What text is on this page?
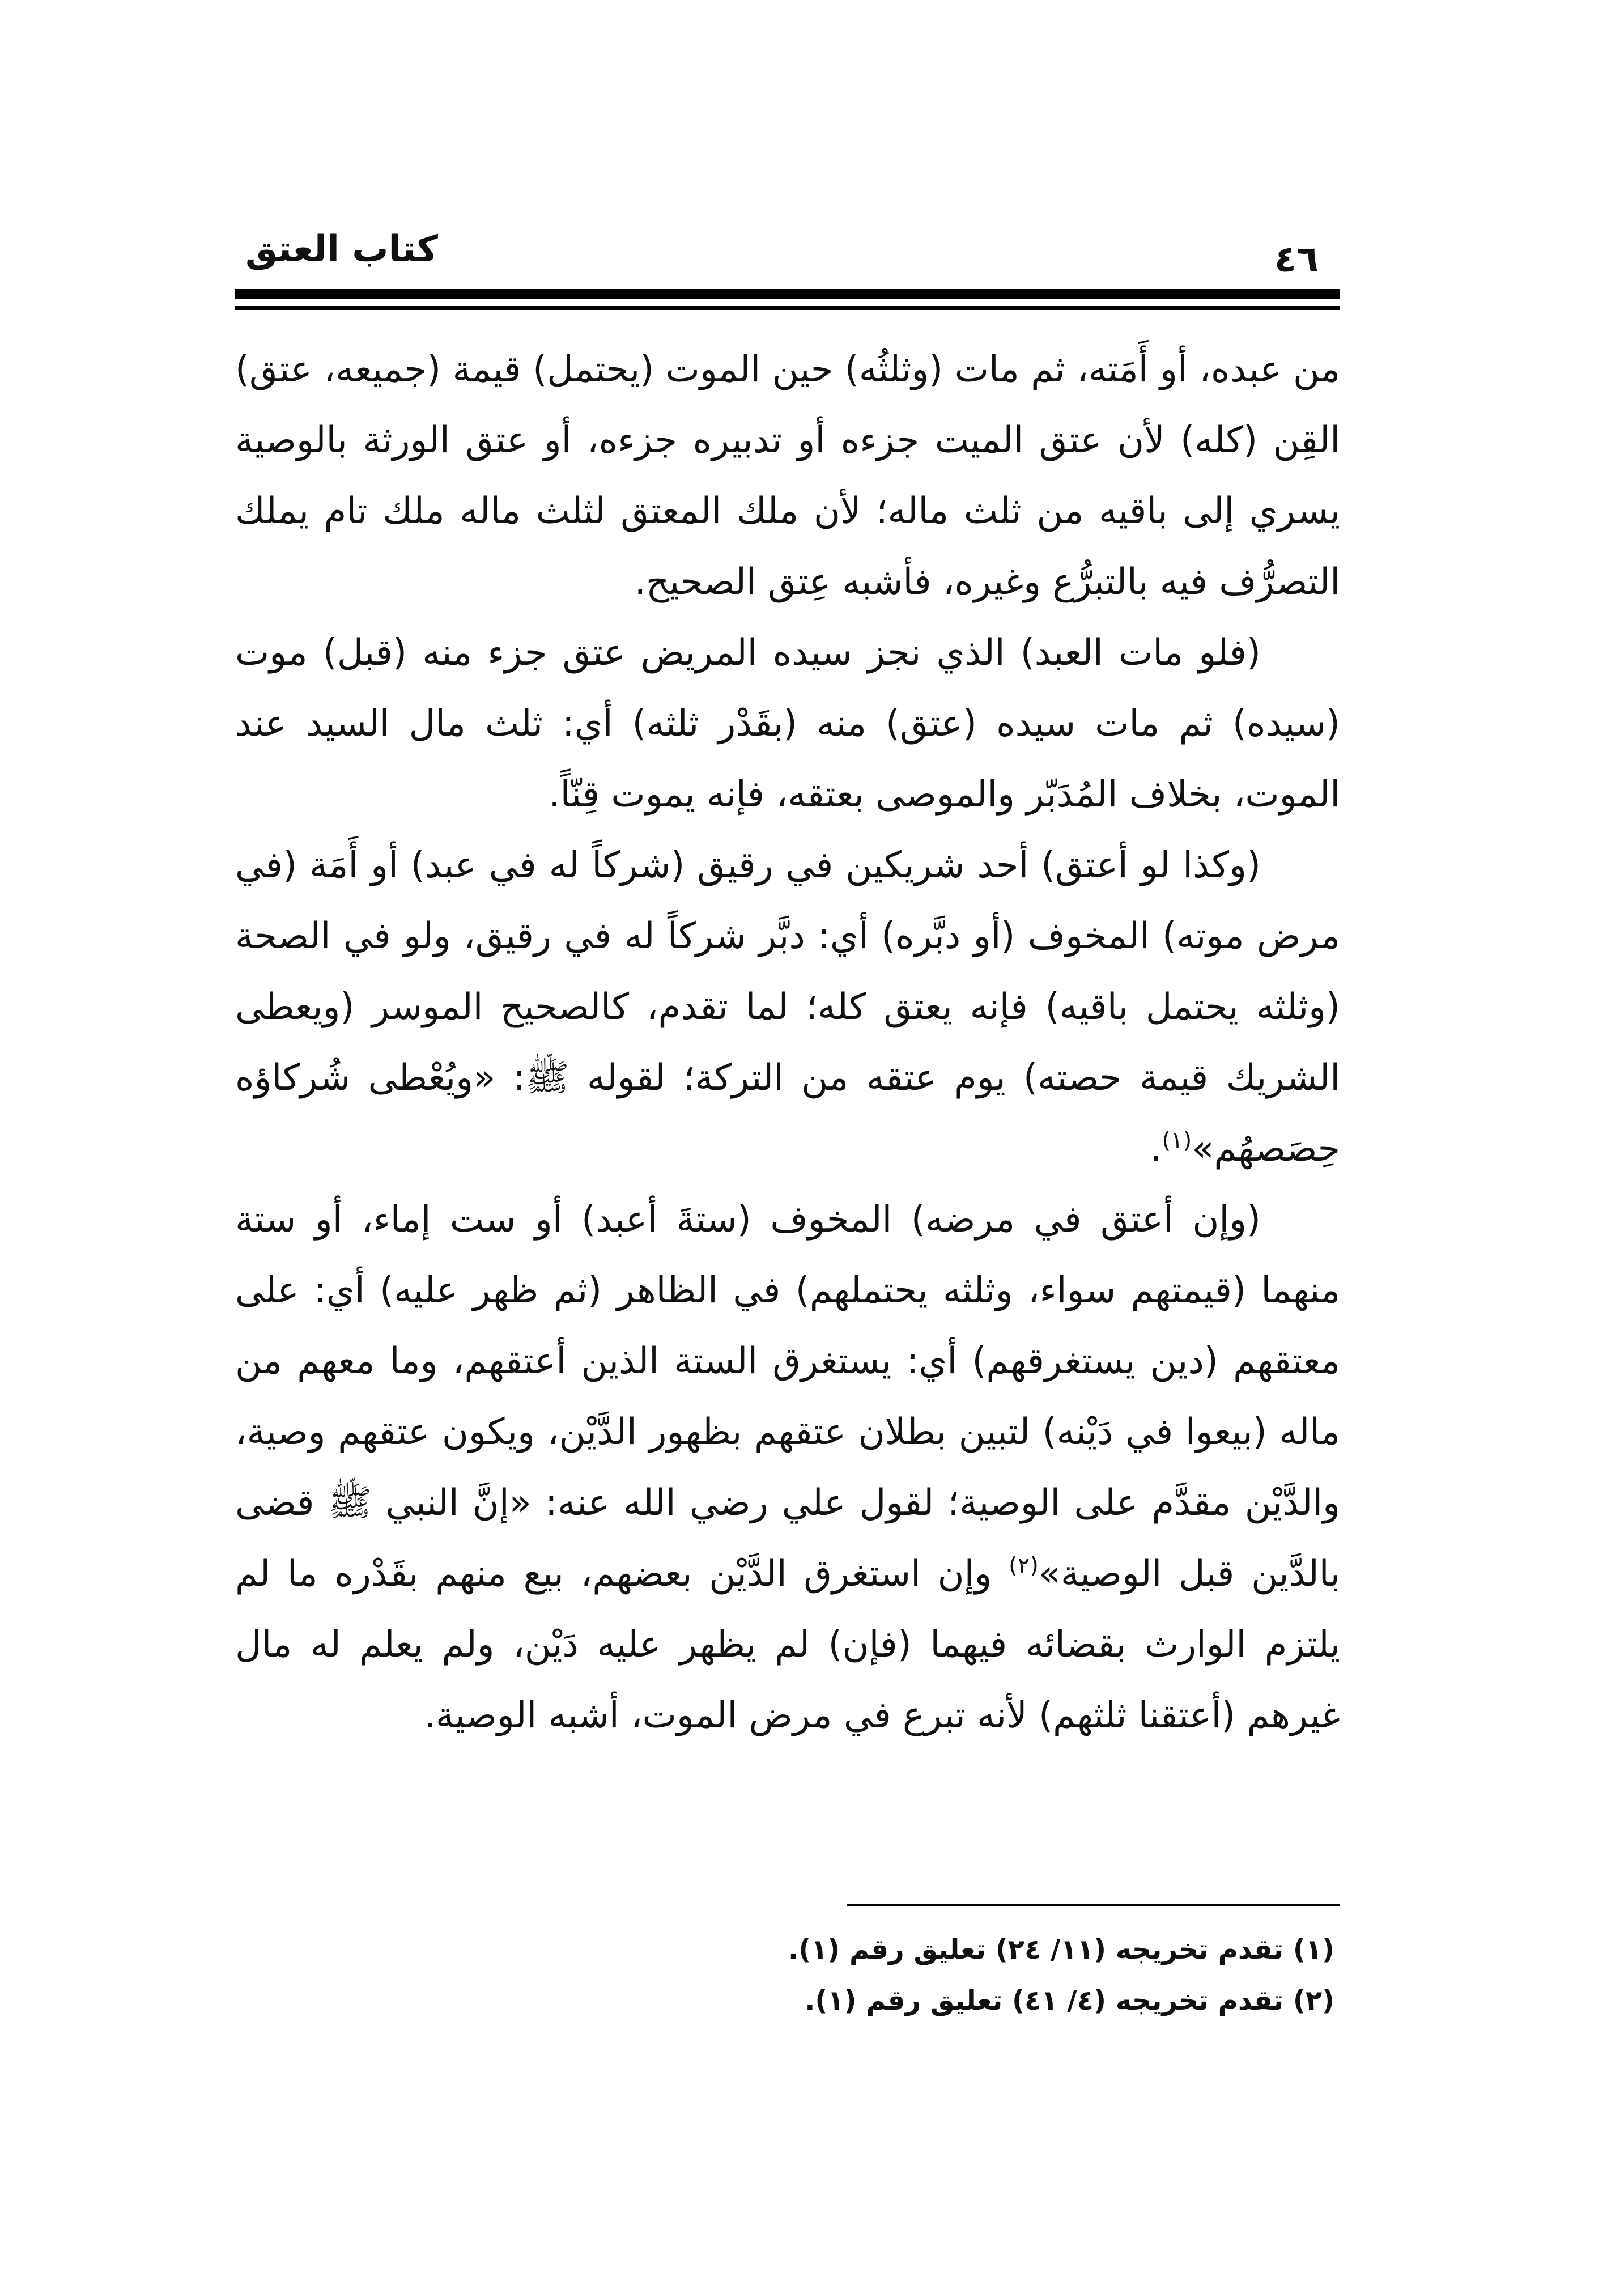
كتاب العتق	٤٦

من عبده، أو أَمَته، ثم مات (وثلثُه) حين الموت (يحتمل) قيمة (جميعه، عتق) القِن (كله) لأن عتق الميت جزءه أو تدبيره جزءه، أو عتق الورثة بالوصية يسري إلى باقيه من ثلث ماله؛ لأن ملك المعتق لثلث ماله ملك تام يملك التصرُّف فيه بالتبرُّع وغيره، فأشبه عِتق الصحيح.

(فلو مات العبد) الذي نجز سيده المريض عتق جزء منه (قبل) موت (سيده) ثم مات سيده (عتق) منه (بقَدْر ثلثه) أي: ثلث مال السيد عند الموت، بخلاف المُدَبّر والموصى بعتقه، فإنه يموت قِنّاً.

(وكذا لو أعتق) أحد شريكين في رقيق (شركاً له في عبد) أو أَمَة (في مرض موته) المخوف (أو دبَّره) أي: دبَّر شركاً له في رقيق، ولو في الصحة (وثلثه يحتمل باقيه) فإنه يعتق كله؛ لما تقدم، كالصحيح الموسر (ويعطى الشريك قيمة حصته) يوم عتقه من التركة؛ لقوله ﷺ: «ويُعْطى شُركاؤه حِصَصهُم»$^{(١)}$.

(وإن أعتق في مرضه) المخوف (ستةَ أعبد) أو ست إماء، أو ستة منهما (قيمتهم سواء، وثلثه يحتملهم) في الظاهر (ثم ظهر عليه) أي: على معتقهم (دين يستغرقهم) أي: يستغرق الستة الذين أعتقهم، وما معهم من ماله (بيعوا في دَيْنه) لتبين بطلان عتقهم بظهور الدَّيْن، ويكون عتقهم وصية، والدَّيْن مقدَّم على الوصية؛ لقول علي رضي الله عنه: «إنَّ النبي ﷺ قضى بالدَّين قبل الوصية»$^{(٢)}$ وإن استغرق الدَّيْن بعضهم، بيع منهم بقَدْره ما لم يلتزم الوارث بقضائه فيهما (فإن) لم يظهر عليه دَيْن، ولم يعلم له مال غيرهم (أعتقنا ثلثهم) لأنه تبرع في مرض الموت، أشبه الوصية.

(١) تقدم تخريجه (١١/ ٢٤) تعليق رقم (١).

(٢) تقدم تخريجه (٤/ ٤١) تعليق رقم (١).
